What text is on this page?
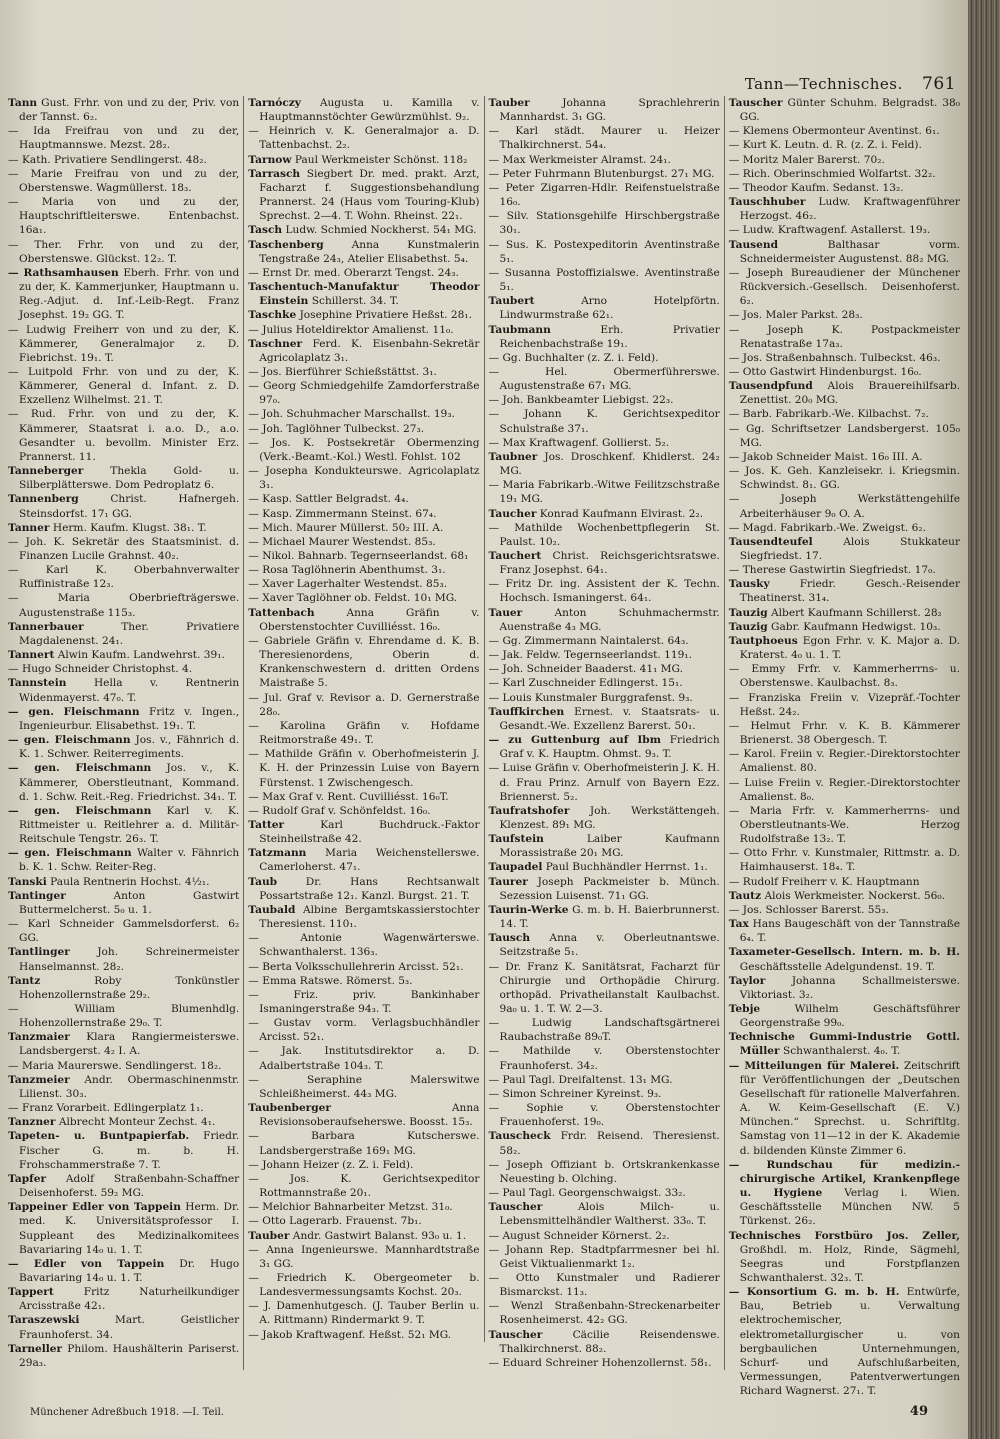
Tann—Technisches. 761

Tann Gust. Frhr. von und zu der, Priv. von der Tannst. 6₂.

— Ida Freifrau von und zu der, Hauptmannswe. Mezst. 28₂.

— Kath. Privatiere Sendlingerst. 48₂.

— Marie Freifrau von und zu der, Oberstenswe. Wagmüllerst. 18₃.

— Maria von und zu der, Hauptschriftleiterswe. Entenbachst. 16a₁.

— Ther. Frhr. von und zu der, Oberstenswe. Glückst. 12₂. T.

— Rathsamhausen Eberh. Frhr. von und zu der, K. Kammerjunker, Hauptmann u. Reg.-Adjut. d. Inf.-Leib-Regt. Franz Josephst. 19₂ GG. T.

— Ludwig Freiherr von und zu der, K. Kämmerer, Generalmajor z. D. Fiebrichst. 19₁. T.

— Luitpold Frhr. von und zu der, K. Kämmerer, General d. Infant. z. D. Exzellenz Wilhelmst. 21. T.

— Rud. Frhr. von und zu der, K. Kämmerer, Staatsrat i. a.o. D., a.o. Gesandter u. bevollm. Minister Erz. Prannerst. 11.

Tanneberger	Thekla Gold- u. Silberplätterswe. Dom Pedroplatz 6.

Tannenberg	Christ. Hafnergeh. Steinsdorfst. 17₁ GG.

Tanner Herm. Kaufm. Klugst. 38₁. T.

— Joh. K. Sekretär des Staatsminist. d. Finanzen Lucile Grahnst. 40₂.

—	Karl K. Oberbahnverwalter Ruffinistraße 12₃.

—	Maria Oberbriefträgerswe. Augustenstraße 115₃.

Tannerbauer	Ther. Privatiere Magdalenenst. 24₁.

Tannert Alwin Kaufm. Landwehrst. 39₁.

— Hugo Schneider Christophst. 4.

Tannstein	Hella v. Rentnerin Widenmayerst. 47₀. T.

— gen. Fleischmann Fritz v. Ingen., Ingenieurbur. Elisabethst. 19₁. T.

— gen. Fleischmann Jos. v., Fähnrich d. K. 1. Schwer. Reiterregiments.

— gen. Fleischmann Jos. v., K. Kämmerer, Oberstleutnant, Kommand. d. 1. Schw. Reit.-Reg. Friedrichst. 34₁. T.

— gen. Fleischmann Karl v. K. Rittmeister u. Reitlehrer a. d. Militär-Reitschule Tengstr. 26₃. T.

— gen. Fleischmann Walter v. Fähnrich b. K. 1. Schw. Reiter-Reg.

Tanski Paula Rentnerin Hochst. 4½₁.

Tantinger	Anton Gastwirt Buttermelcherst. 5₀ u. 1.

— Karl Schneider Gammelsdorferst. 6₂ GG.

Tantlinger	Joh. Schreinermeister Hanselmannst. 28₂.

Tantz	Roby Tonkünstler Hohenzollernstraße 29₂.

—	William Blumenhdlg. Hohenzollernstraße 29₀. T.

Tanzmaier Klara Rangiermeisterswe. Landsbergerst. 4₂ I. A.

— Maria Maurerswe. Sendlingerst. 18₂.

Tanzmeier Andr. Obermaschinenmstr. Lilienst. 30₃.

— Franz Vorarbeit. Edlingerplatz 1₁.

Tanzner Albrecht Monteur Zechst. 4₁.

Tapeten- u. Buntpapierfab. Friedr. Fischer G. m. b. H. Frohschammerstraße 7. T.

Tapfer Adolf Straßenbahn-Schaffner Deisenhoferst. 59₂ MG.

Tappeiner Edler von Tappein Herm. Dr. med. K. Universitätsprofessor I. Suppleant des Medizinalkomitees Bavariaring 14₀ u. 1. T.

— Edler von Tappein Dr. Hugo Bavariaring 14₀ u. 1. T.

Tappert	Fritz Naturheilkundiger Arcisstraße 42₁.

Taraszewski	Mart. Geistlicher Fraunhoferst. 34.

Tarneller Philom. Haushälterin Pariserst. 29a₃.

Tarnóczy Augusta u. Kamilla v. Hauptmannstöchter Gewürzmühlst. 9₂.

— Heinrich v. K. Generalmajor a. D. Tattenbachst. 2₂.

Tarnow Paul Werkmeister Schönst. 118₂

Tarrasch Siegbert Dr. med. prakt. Arzt, Facharzt f. Suggestionsbehandlung Prannerst. 24 (Haus vom Touring-Klub) Sprechst. 2—4. T. Wohn. Rheinst. 22₁.

Tasch Ludw. Schmied Nockherst. 54₁ MG.

Taschenberg	Anna Kunstmalerin Tengstraße 24₃, Atelier Elisabethst. 5₄.

— Ernst Dr. med. Oberarzt Tengst. 24₃.

Taschentuch-Manufaktur Theodor Einstein Schillerst. 34. T.

Taschke Josephine Privatiere Heßst. 28₁.

— Julius Hoteldirektor Amalienst. 11₀.

Taschner Ferd. K. Eisenbahn-Sekretär Agricolaplatz 3₁.

— Jos. Bierführer Schießstättst. 3₁.

— Georg Schmiedgehilfe Zamdorferstraße 97₀.

— Joh. Schuhmacher Marschallst. 19₃.

— Joh. Taglöhner Tulbeckst. 27₃.

— Jos. K. Postsekretär Obermenzing (Verk.-Beamt.-Kol.) Westl. Fohlst. 102

— Josepha Kondukteurswe. Agricolaplatz 3₁.

— Kasp. Sattler Belgradst. 4₄.

— Kasp. Zimmermann Steinst. 67₄.

— Mich. Maurer Müllerst. 50₂ III. A.

— Michael Maurer Westendst. 85₃.

— Nikol. Bahnarb. Tegernseerlandst. 68₁

— Rosa Taglöhnerin Abenthumst. 3₁.

— Xaver Lagerhalter Westendst. 85₃.

— Xaver Taglöhner ob. Feldst. 10₁ MG.

Tattenbach	Anna Gräfin v. Oberstenstochter Cuvilliésst. 16₀.

— Gabriele Gräfin v. Ehrendame d. K. B. Theresienordens, Oberin d. Krankenschwestern d. dritten Ordens Maistraße 5.

— Jul. Graf v. Revisor a. D. Gernerstraße 28₀.

— Karolina Gräfin v. Hofdame Reitmorstraße 49₁. T.

— Mathilde Gräfin v. Oberhofmeisterin J. K. H. der Prinzessin Luise von Bayern Fürstenst. 1 Zwischengesch.

— Max Graf v. Rent. Cuvilliésst. 16₀T.

— Rudolf Graf v. Schönfeldst. 16₀.

Tatter	Karl Buchdruck.-Faktor Steinheilstraße 42.

Tatzmann Maria Weichenstellerswe. Camerloherst. 47₁.

Taub	Dr. Hans Rechtsanwalt Possartstraße 12₁. Kanzl. Burgst. 21. T.

Taubald Albine Bergamtskassierstochter Theresienst. 110₁.

—	Antonie Wagenwärterswe. Schwanthalerst. 136₃.

— Berta Volksschullehrerin Arcisst. 52₁.

— Emma Ratswe. Römerst. 5₃.

—	Friz. priv. Bankinhaber Ismaningerstraße 94₃. T.

— Gustav vorm. Verlagsbuchhändler Arcisst. 52₁.

— Jak. Institutsdirektor a. D. Adalbertstraße 104₃. T.

—	Seraphine Malerswitwe Schleißheimerst. 44₃ MG.

Taubenberger	Anna Revisionsoberaufseherswe. Boosst. 15₃.

—	Barbara Kutscherswe. Landsbergerstraße 169₁ MG.

— Johann Heizer (z. Z. i. Feld).

—	Jos. K. Gerichtsexpeditor Rottmannstraße 20₁.

— Melchior Bahnarbeiter Metzst. 31₀.

— Otto Lagerarb. Frauenst. 7b₁.

Tauber Andr. Gastwirt Balanst. 93₀ u. 1.

— Anna Ingenieurswe. Mannhardtstraße 3₁ GG.

— Friedrich K. Obergeometer b. Landesvermessungsamts Kochst. 20₃.

— J. Damenhutgesch. (J. Tauber Berlin u. A. Rittmann) Rindermarkt 9. T.

— Jakob Kraftwagenf. Heßst. 52₁ MG.

Tauber	Johanna Sprachlehrerin Mannhardst. 3₁ GG.

— Karl städt. Maurer u. Heizer Thalkirchnerst. 54₄.

— Max Werkmeister Alramst. 24₁.

— Peter Fuhrmann Blutenburgst. 27₁ MG.

— Peter Zigarren-Hdlr. Reifenstuelstraße 16₀.

— Silv. Stationsgehilfe Hirschbergstraße 30₁.

— Sus. K. Postexpeditorin Aventinstraße 5₁.

— Susanna Postoffizialswe. Aventinstraße 5₁.

Taubert	Arno Hotelpförtn. Lindwurmstraße 62₁.

Taubmann	Erh. Privatier Reichenbachstraße 19₁.

— Gg. Buchhalter (z. Z. i. Feld).

—	Hel. Obermerführerswe. Augustenstraße 67₁ MG.

— Joh. Bankbeamter Liebigst. 22₃.

— Johann K. Gerichtsexpeditor Schulstraße 37₁.

— Max Kraftwagenf. Gollierst. 5₂.

Taubner Jos. Droschkenf. Khidlerst. 24₂ MG.

— Maria Fabrikarb.-Witwe Feilitzschstraße 19₁ MG.

Taucher Konrad Kaufmann Elvirast. 2₂.

— Mathilde Wochenbettpflegerin St. Paulst. 10₂.

Tauchert Christ. Reichsgerichtsratswe. Franz Josephst. 64₁.

— Fritz Dr. ing. Assistent der K. Techn. Hochsch. Ismaningerst. 64₁.

Tauer	Anton Schuhmachermstr. Auenstraße 4₃ MG.

— Gg. Zimmermann Naintalerst. 64₃.

— Jak. Feldw. Tegernseerlandst. 119₁.

— Joh. Schneider Baaderst. 41₁ MG.

— Karl Zuschneider Edlingerst. 15₁.

— Louis Kunstmaler Burggrafenst. 9₃.

Tauffkirchen Ernest. v. Staatsrats- u. Gesandt.-We. Exzellenz Barerst. 50₁.

— zu Guttenburg auf Ibm Friedrich Graf v. K. Hauptm. Ohmst. 9₃. T.

— Luise Gräfin v. Oberhofmeisterin J. K. H. d. Frau Prinz. Arnulf von Bayern Ezz. Briennerst. 5₂.

Taufratshofer Joh. Werkstättengeh. Klenzest. 89₁ MG.

Taufstein	Laiber Kaufmann Morassistraße 20₁ MG.

Taupadel Paul Buchhändler Herrnst. 1₁.

Taurer Joseph Packmeister b. Münch. Sezession Luisenst. 71₁ GG.

Taurin-Werke G. m. b. H. Baierbrunnerst. 14. T.

Tausch Anna v. Oberleutnantswe. Seitzstraße 5₁.

— Dr. Franz K. Sanitätsrat, Facharzt für Chirurgie und Orthopädie Chirurg. orthopäd. Privatheilanstalt Kaulbachst. 9a₀ u. 1. T. W. 2—3.

—	Ludwig Landschaftsgärtnerei Raubachstraße 89₀T.

— Mathilde v. Oberstenstochter Fraunhoferst. 34₂.

— Paul Tagl. Dreifaltenst. 13₁ MG.

— Simon Schreiner Kyreinst. 9₃.

—	Sophie v. Oberstenstochter Frauenhoferst. 19₀.

Tauscheck Frdr. Reisend. Theresienst. 58₂.

— Joseph Offiziant b. Ortskrankenkasse Neuesting b. Olching.

— Paul Tagl. Georgenschwaigst. 33₂.

Tauscher	Alois Milch- u. Lebensmittelhändler Waltherst. 33₀. T.

— August Schneider Körnerst. 2₂.

— Johann Rep. Stadtpfarrmesner bei hl. Geist Viktualienmarkt 1₂.

— Otto Kunstmaler und Radierer Bismarckst. 11₃.

— Wenzl Straßenbahn-Streckenarbeiter Rosenheimerst. 42₂ GG.

Tauscher	Cäcilie Reisendenswe. Thalkirchnerst. 88₂.

— Eduard Schreiner Hohenzollernst. 58₁.

Tauscher Günter Schuhm. Belgradst. 38₀ GG.

— Klemens Obermonteur Aventinst. 6₁.

— Kurt K. Leutn. d. R. (z. Z. i. Feld).

— Moritz Maler Barerst. 70₂.

— Rich. Oberinschmied Wolfartst. 32₂.

— Theodor Kaufm. Sedanst. 13₂.

Tauschhuber Ludw. Kraftwagenführer Herzogst. 46₂.

— Ludw. Kraftwagenf. Astallerst. 19₃.

Tausend	Balthasar vorm. Schneidermeister Augustenst. 88₂ MG.

— Joseph Bureaudiener der Münchener Rückversich.-Gesellsch. Deisenhoferst. 6₂.

— Jos. Maler Parkst. 28₃.

—	Joseph K. Postpackmeister Renatastraße 17a₃.

— Jos. Straßenbahnsch. Tulbeckst. 46₃.

— Otto Gastwirt Hindenburgst. 16₀.

Tausendpfund Alois Brauereihilfsarb. Zenettist. 20₀ MG.

— Barb. Fabrikarb.-We. Kilbachst. 7₂.

— Gg. Schriftsetzer Landsbergerst. 105₀ MG.

— Jakob Schneider Maist. 16₀ III. A.

— Jos. K. Geh. Kanzleisekr. i. Kriegsmin. Schwindst. 8₁. GG.

—	Joseph Werkstättengehilfe Arbeiterhäuser 9₀ O. A.

— Magd. Fabrikarb.-We. Zweigst. 6₂.

Tausendteufel	Alois Stukkateur Siegfriedst. 17.

— Therese Gastwirtin Siegfriedst. 17₀.

Tausky	Friedr. Gesch.-Reisender Theatinerst. 31₄.

Tauzig Albert Kaufmann Schillerst. 28₂

Tauzig Gabr. Kaufmann Hedwigst. 10₃.

Tautphoeus Egon Frhr. v. K. Major a. D. Kraterst. 4₀ u. 1. T.

— Emmy Frfr. v. Kammerherrns- u. Oberstenswe. Kaulbachst. 8₃.

— Franziska Freiin v. Vizepräf.-Tochter Heßst. 24₂.

— Helmut Frhr. v. K. B. Kämmerer Brienerst. 38 Obergesch. T.

— Karol. Freiin v. Regier.-Direktorstochter Amalienst. 80.

— Luise Freiin v. Regier.-Direktorstochter Amalienst. 8₀.

— Maria Frfr. v. Kammerherrns- und Oberstleutnants-We. Herzog Rudolfstraße 13₂. T.

— Otto Frhr. v. Kunstmaler, Rittmstr. a. D. Haimhauserst. 18₄. T.

— Rudolf Freiherr v. K. Hauptmann

Tautz Alois Werkmeister. Nockerst. 56₀.

— Jos. Schlosser Barerst. 55₃.

Tax Hans Baugeschäft von der Tannstraße 6₄. T.

Taxameter-Gesellsch. Intern. m. b. H. Geschäftsstelle Adelgundenst. 19. T.

Taylor	Johanna Schallmeisterswe. Viktoriast. 3₂.

Tebje	Wilhelm Geschäftsführer Georgenstraße 99₀.

Technische Gummi-Industrie Gottl. Müller Schwanthalerst. 4₀. T.

— Mitteilungen für Malerei. Zeitschrift für Veröffentlichungen der „Deutschen Gesellschaft für rationelle Malverfahren. A. W. Keim-Gesellschaft (E. V.) München.“ Sprechst. u. Schriftltg. Samstag von 11—12 in der K. Akademie d. bildenden Künste Zimmer 6.

— Rundschau für medizin.-chirurgische Artikel, Krankenpflege u. Hygiene Verlag i. Wien. Geschäftsstelle München NW. 5 Türkenst. 26₂.

Technisches Forstbüro Jos. Zeller, Großhdl. m. Holz, Rinde, Sägmehl, Seegras und Forstpflanzen Schwanthalerst. 32₃. T.

— Konsortium G. m. b. H. Entwürfe, Bau, Betrieb u. Verwaltung elektrochemischer, elektrometallurgischer u. von bergbaulichen Unternehmungen, Schurf- und Aufschlußarbeiten, Vermessungen, Patentverwertungen Richard Wagnerst. 27₁. T.

Münchener Adreßbuch 1918. —I. Teil.	49
